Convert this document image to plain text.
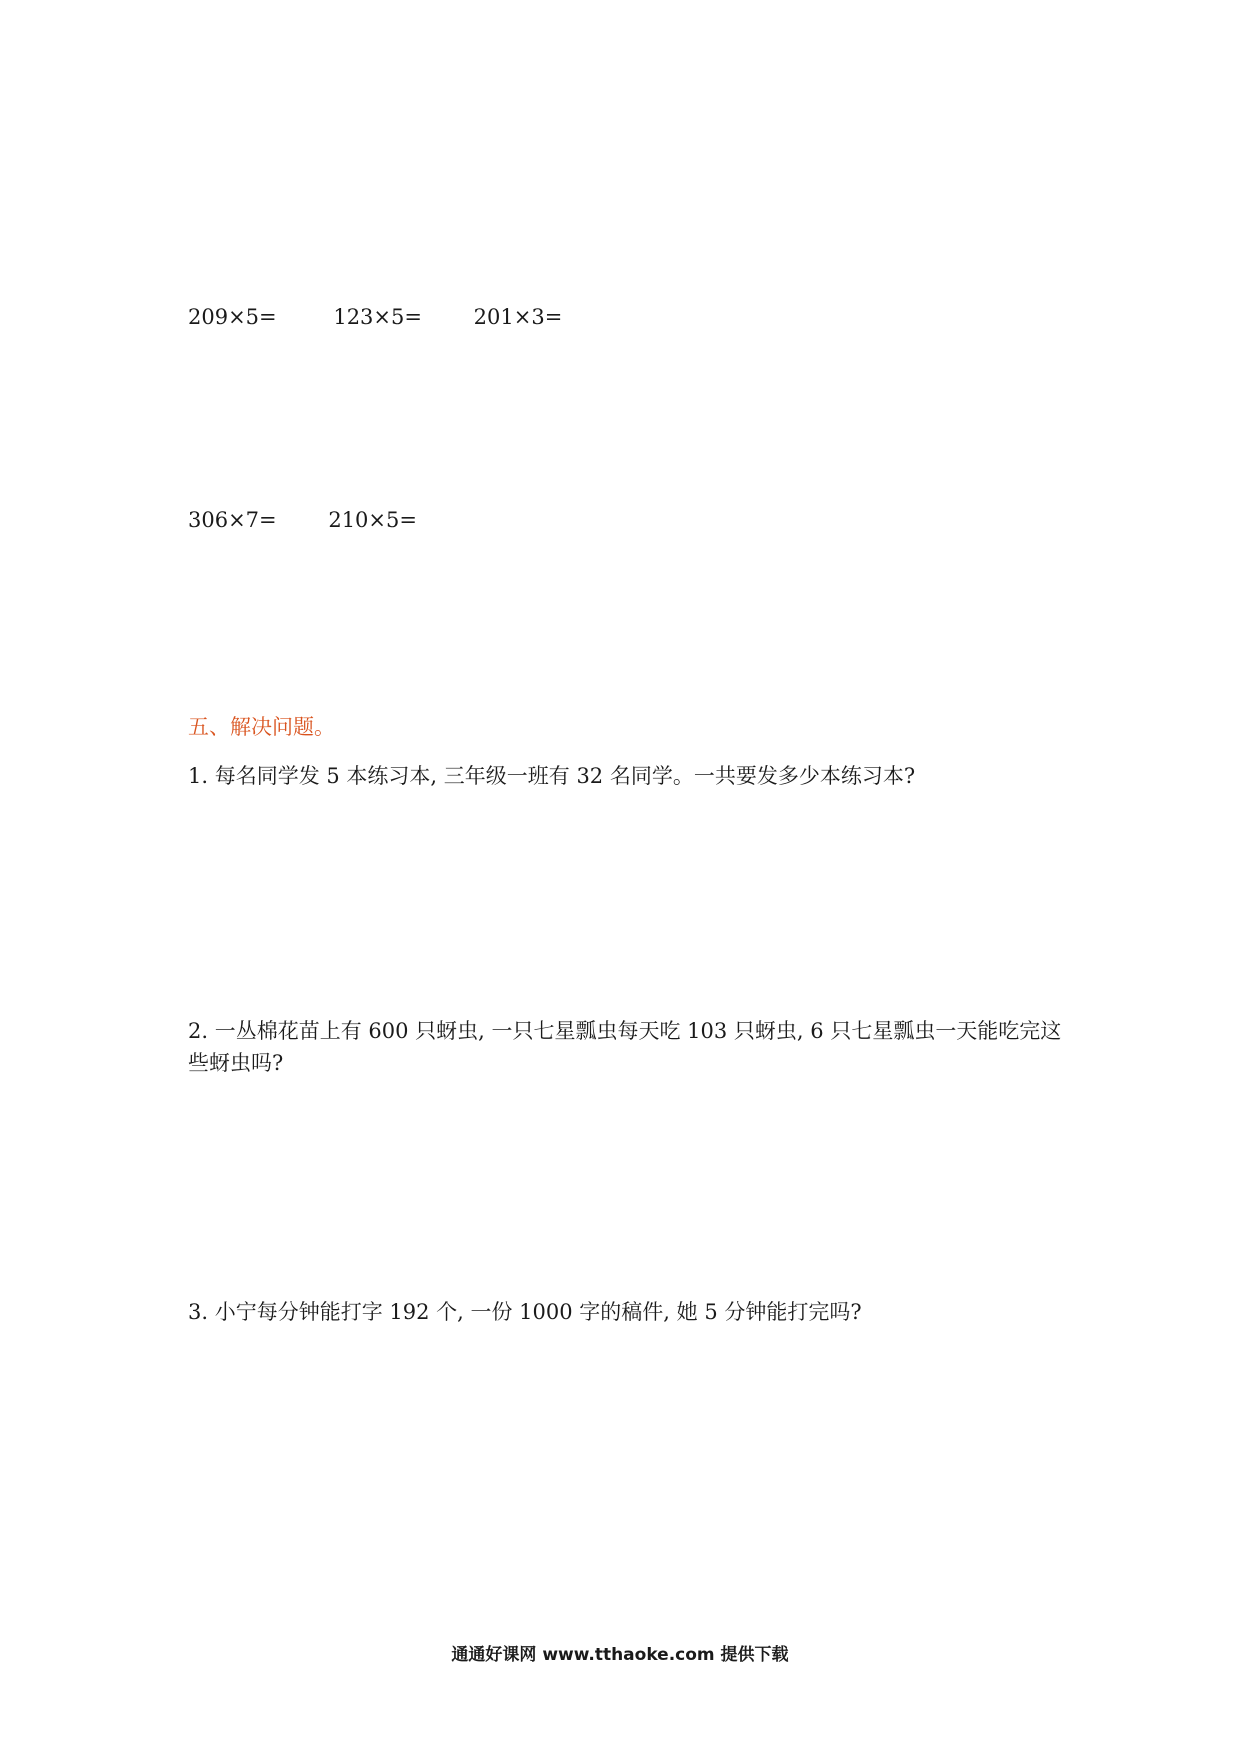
209×5=	123×5= 201×3=
306×7= 210×5=
五、解决问题。
1. 每名同学发 5 本练习本, 三年级一班有 32 名同学。一共要发多少本练习本?
2. 一丛棉花苗上有 600 只蚜虫, 一只七星瓢虫每天吃 103 只蚜虫, 6 只七星瓢虫一天能吃完这些蚜虫吗?
3. 小宁每分钟能打字 192 个, 一份 1000 字的稿件, 她 5 分钟能打完吗?
通通好课网 www.tthaoke.com 提供下载
